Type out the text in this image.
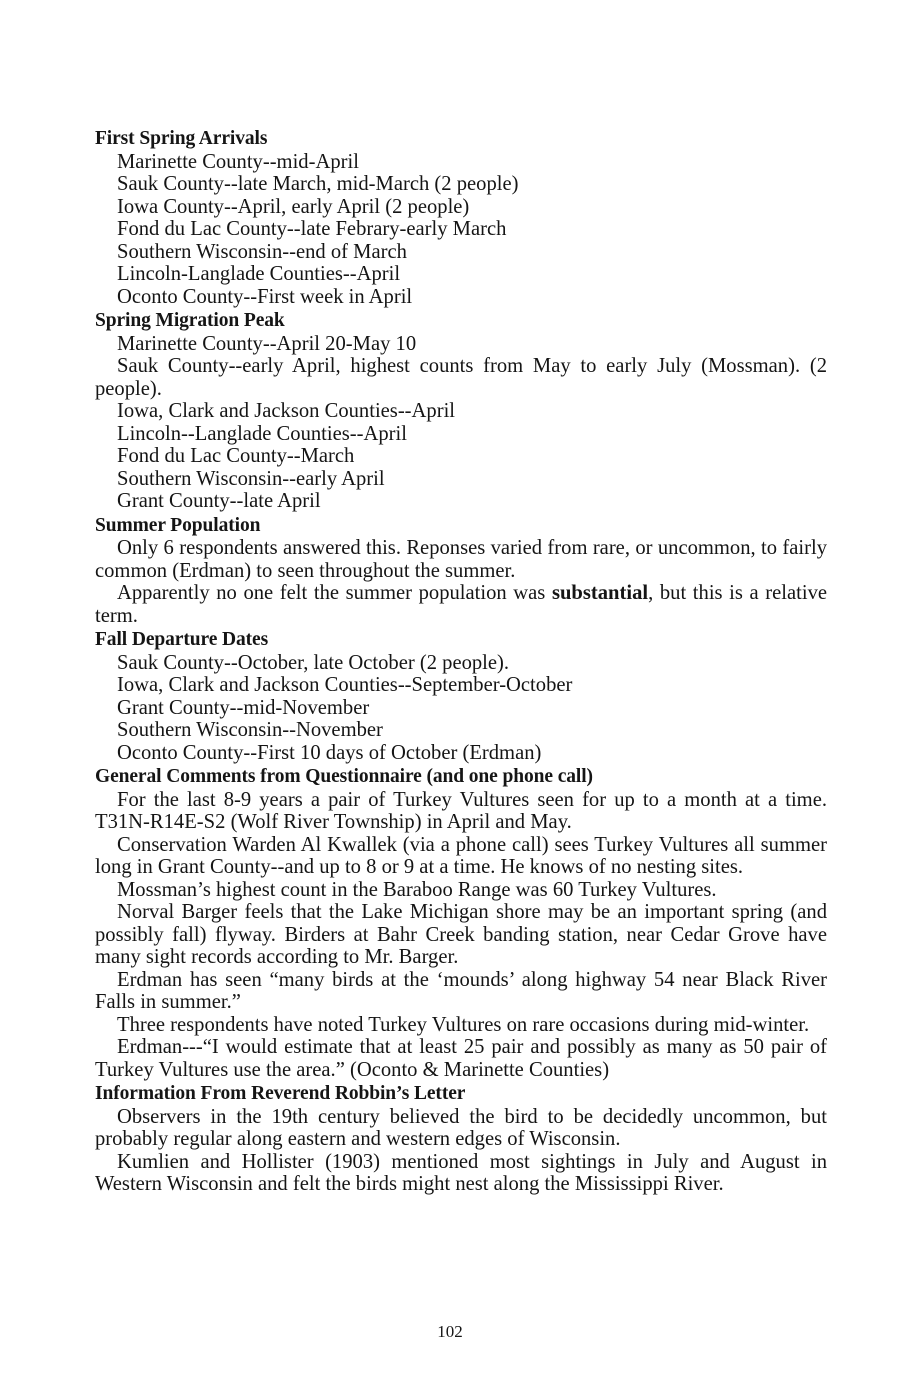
First Spring Arrivals

Marinette County--mid-April

Sauk County--late March, mid-March (2 people)

Iowa County--April, early April (2 people)

Fond du Lac County--late Febrary-early March

Southern Wisconsin--end of March

Lincoln-Langlade Counties--April

Oconto County--First week in April

Spring Migration Peak

Marinette County--April 20-May 10

Sauk County--early April, highest counts from May to early July (Mossman). (2 people).

Iowa, Clark and Jackson Counties--April

Lincoln--Langlade Counties--April

Fond du Lac County--March

Southern Wisconsin--early April

Grant County--late April

Summer Population

Only 6 respondents answered this. Reponses varied from rare, or uncommon, to fairly common (Erdman) to seen throughout the summer.

Apparently no one felt the summer population was substantial, but this is a relative term.

Fall Departure Dates

Sauk County--October, late October (2 people).

Iowa, Clark and Jackson Counties--September-October

Grant County--mid-November

Southern Wisconsin--November

Oconto County--First 10 days of October (Erdman)

General Comments from Questionnaire (and one phone call)

For the last 8-9 years a pair of Turkey Vultures seen for up to a month at a time. T31N-R14E-S2 (Wolf River Township) in April and May.

Conservation Warden Al Kwallek (via a phone call) sees Turkey Vultures all summer long in Grant County--and up to 8 or 9 at a time. He knows of no nesting sites.

Mossman’s highest count in the Baraboo Range was 60 Turkey Vultures.

Norval Barger feels that the Lake Michigan shore may be an important spring (and possibly fall) flyway. Birders at Bahr Creek banding station, near Cedar Grove have many sight records according to Mr. Barger.

Erdman has seen “many birds at the ‘mounds’ along highway 54 near Black River Falls in summer.”

Three respondents have noted Turkey Vultures on rare occasions during mid-winter.

Erdman---“I would estimate that at least 25 pair and possibly as many as 50 pair of Turkey Vultures use the area.” (Oconto & Marinette Counties)

Information From Reverend Robbin’s Letter

Observers in the 19th century believed the bird to be decidedly uncommon, but probably regular along eastern and western edges of Wisconsin.

Kumlien and Hollister (1903) mentioned most sightings in July and August in Western Wisconsin and felt the birds might nest along the Mississippi River.

102
